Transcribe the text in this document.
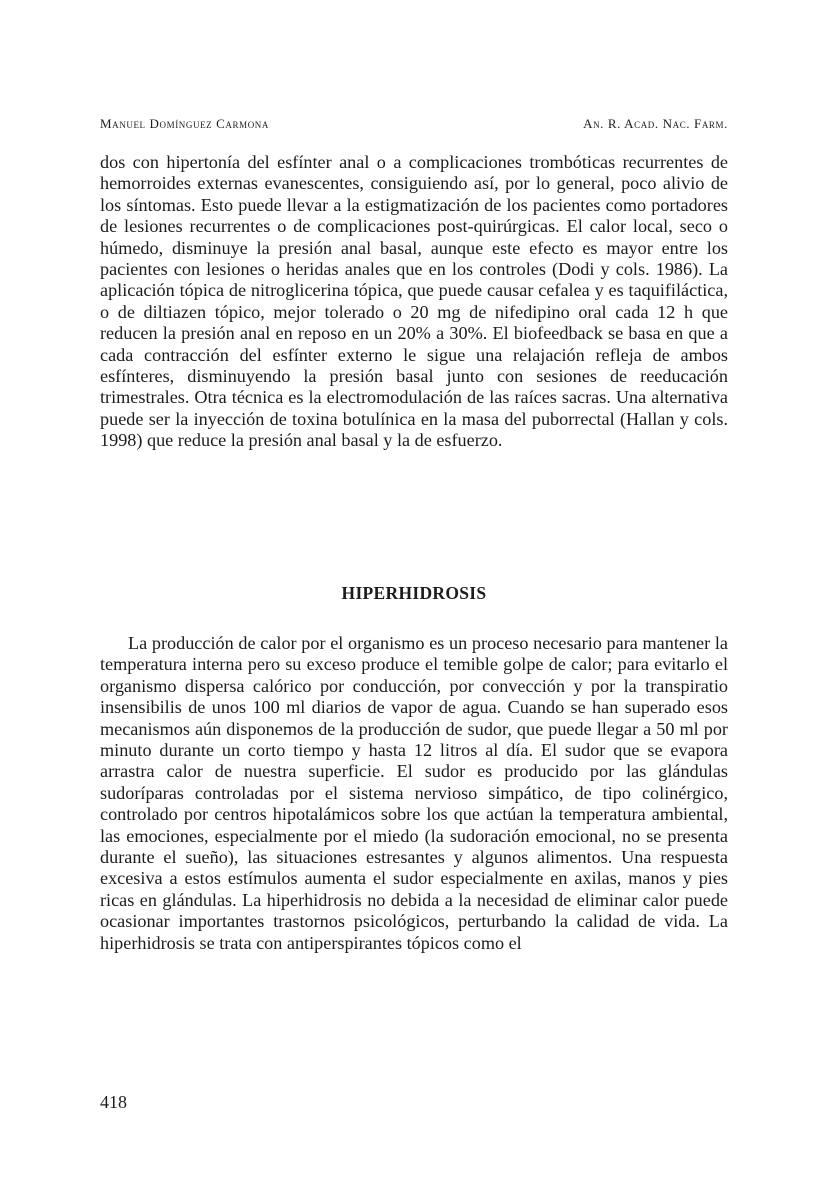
Manuel Domínguez Carmona	An. R. Acad. Nac. Farm.

dos con hipertonía del esfínter anal o a complicaciones trombóticas recurrentes de hemorroides externas evanescentes, consiguiendo así, por lo general, poco alivio de los síntomas. Esto puede llevar a la estigmatización de los pacientes como portadores de lesiones recurrentes o de complicaciones post-quirúrgicas. El calor local, seco o húmedo, disminuye la presión anal basal, aunque este efecto es mayor entre los pacientes con lesiones o heridas anales que en los controles (Dodi y cols. 1986). La aplicación tópica de nitroglicerina tópica, que puede causar cefalea y es taquifiláctica, o de diltiazen tópico, mejor tolerado o 20 mg de nifedipino oral cada 12 h que reducen la presión anal en reposo en un 20% a 30%. El biofeedback se basa en que a cada contracción del esfínter externo le sigue una relajación refleja de ambos esfínteres, disminuyendo la presión basal junto con sesiones de reeducación trimestrales. Otra técnica es la electromodulación de las raíces sacras. Una alternativa puede ser la inyección de toxina botulínica en la masa del puborrectal (Hallan y cols. 1998) que reduce la presión anal basal y la de esfuerzo.

HIPERHIDROSIS

La producción de calor por el organismo es un proceso necesario para mantener la temperatura interna pero su exceso produce el temible golpe de calor; para evitarlo el organismo dispersa calórico por conducción, por convección y por la transpiratio insensibilis de unos 100 ml diarios de vapor de agua. Cuando se han superado esos mecanismos aún disponemos de la producción de sudor, que puede llegar a 50 ml por minuto durante un corto tiempo y hasta 12 litros al día. El sudor que se evapora arrastra calor de nuestra superficie. El sudor es producido por las glándulas sudoríparas controladas por el sistema nervioso simpático, de tipo colinérgico, controlado por centros hipotalámicos sobre los que actúan la temperatura ambiental, las emociones, especialmente por el miedo (la sudoración emocional, no se presenta durante el sueño), las situaciones estresantes y algunos alimentos. Una respuesta excesiva a estos estímulos aumenta el sudor especialmente en axilas, manos y pies ricas en glándulas. La hiperhidrosis no debida a la necesidad de eliminar calor puede ocasionar importantes trastornos psicológicos, perturbando la calidad de vida. La hiperhidrosis se trata con antiperspirantes tópicos como el

418
